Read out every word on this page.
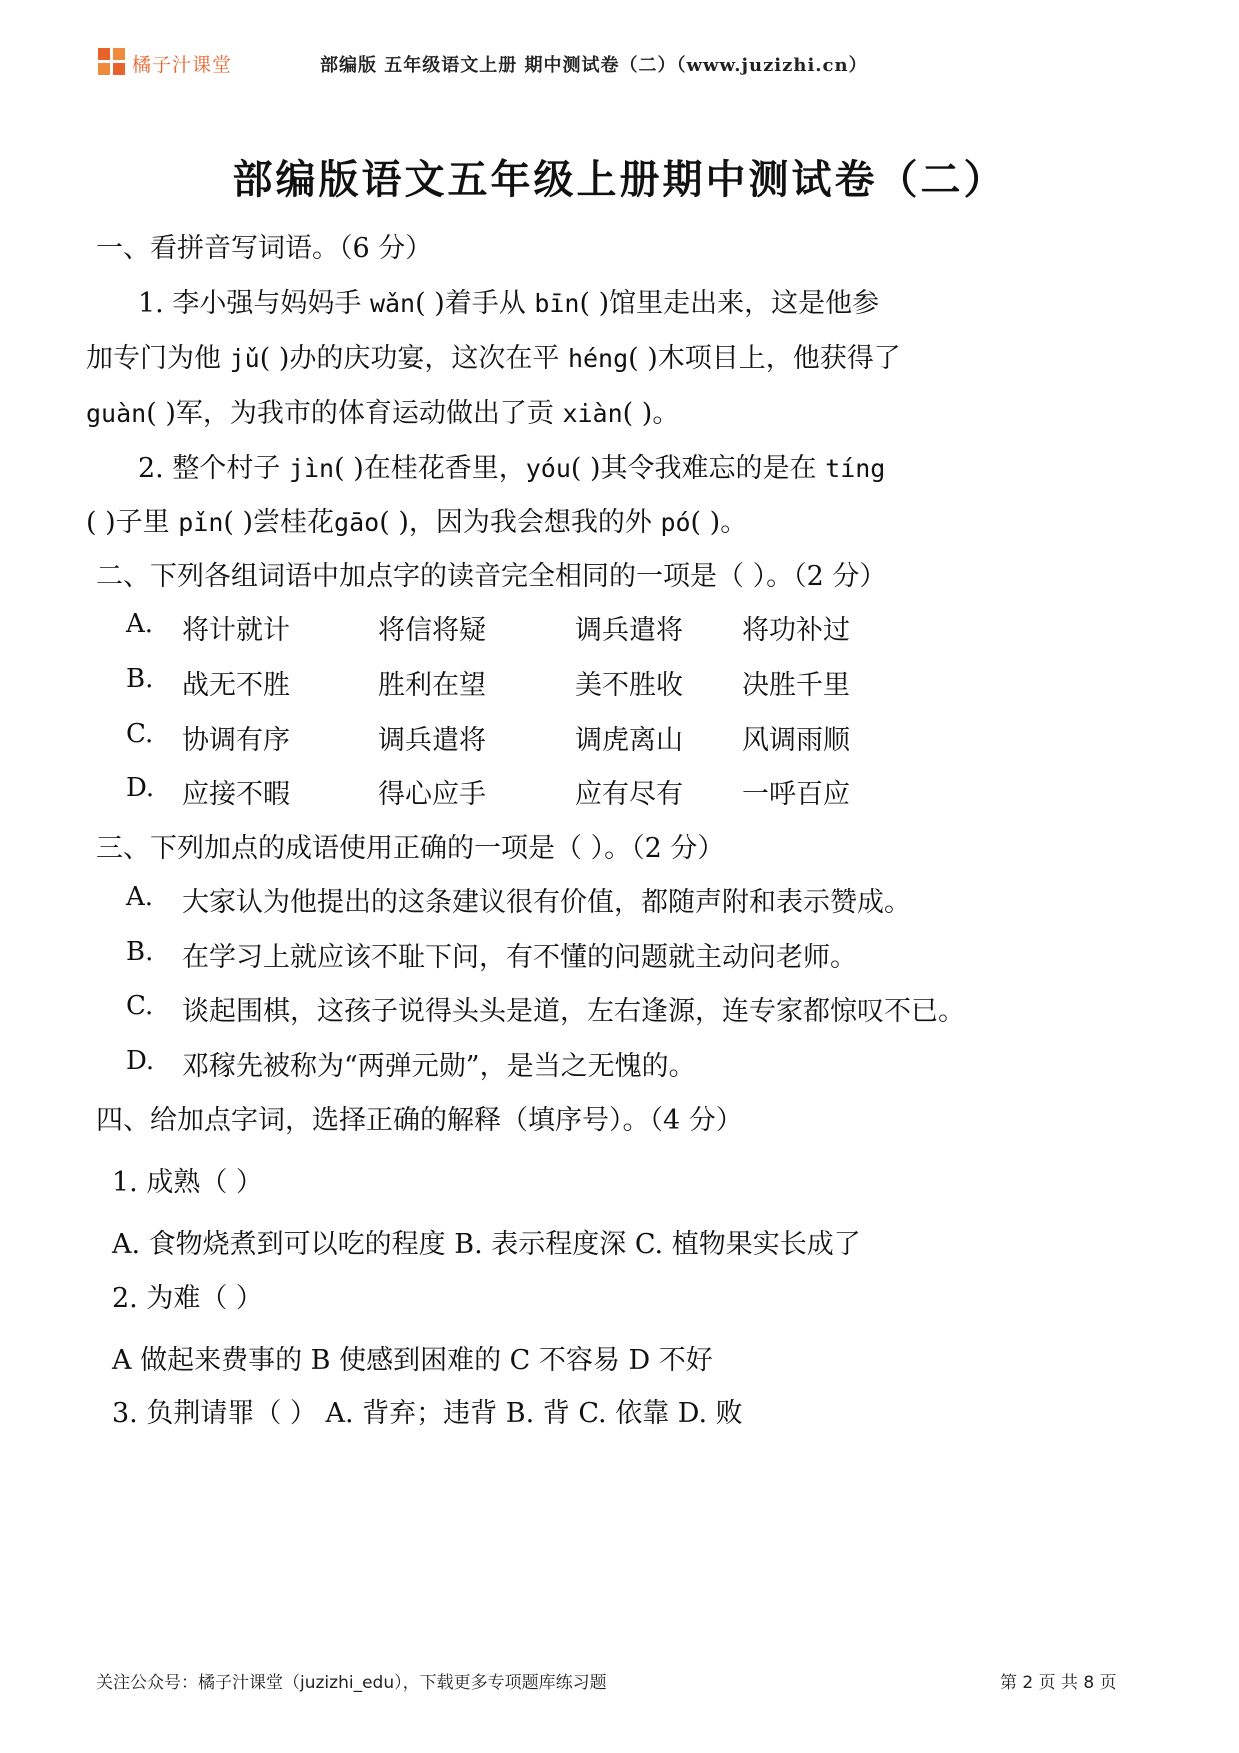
橘子汁课堂	部编版 五年级语文上册 期中测试卷（二）（www.juzizhi.cn）
部编版语文五年级上册期中测试卷（二）
一、看拼音写词语。（6 分）
1. 李小强与妈妈手 wǎn( )着手从 bīn( )馆里走出来，这是他参
加专门为他 jǔ( )办的庆功宴，这次在平 héng( )木项目上，他获得了
guàn( )军，为我市的体育运动做出了贡 xiàn( )。
2. 整个村子 jìn( )在桂花香里，yóu( )其令我难忘的是在 tíng
( )子里 pǐn( )尝桂花gāo( )，因为我会想我的外 pó( )。
二、下列各组词语中加点字的读音完全相同的一项是（ ）。（2 分）
A. 将计就计	将信将疑	调兵遣将 将功补过
B. 战无不胜	胜利在望	美不胜收 决胜千里
C. 协调有序	调兵遣将	调虎离山 风调雨顺
D. 应接不暇	得心应手	应有尽有 一呼百应
三、下列加点的成语使用正确的一项是（ ）。（2 分）
A. 大家认为他提出的这条建议很有价值，都随声附和表示赞成。
B. 在学习上就应该不耻下问，有不懂的问题就主动问老师。
C. 谈起围棋，这孩子说得头头是道，左右逢源，连专家都惊叹不已。
D. 邓稼先被称为“两弹元勋”，是当之无愧的。
四、给加点字词，选择正确的解释（填序号）。（4 分）
1. 成熟（ ）
A. 食物烧煮到可以吃的程度 B. 表示程度深 C. 植物果实长成了
2. 为难（ ）
A 做起来费事的 B 使感到困难的 C 不容易 D 不好
3. 负荆请罪（ ） A. 背弃；违背 B. 背 C. 依靠 D. 败
关注公众号：橘子汁课堂（juzizhi_edu），下载更多专项题库练习题	第 2 页 共 8 页
